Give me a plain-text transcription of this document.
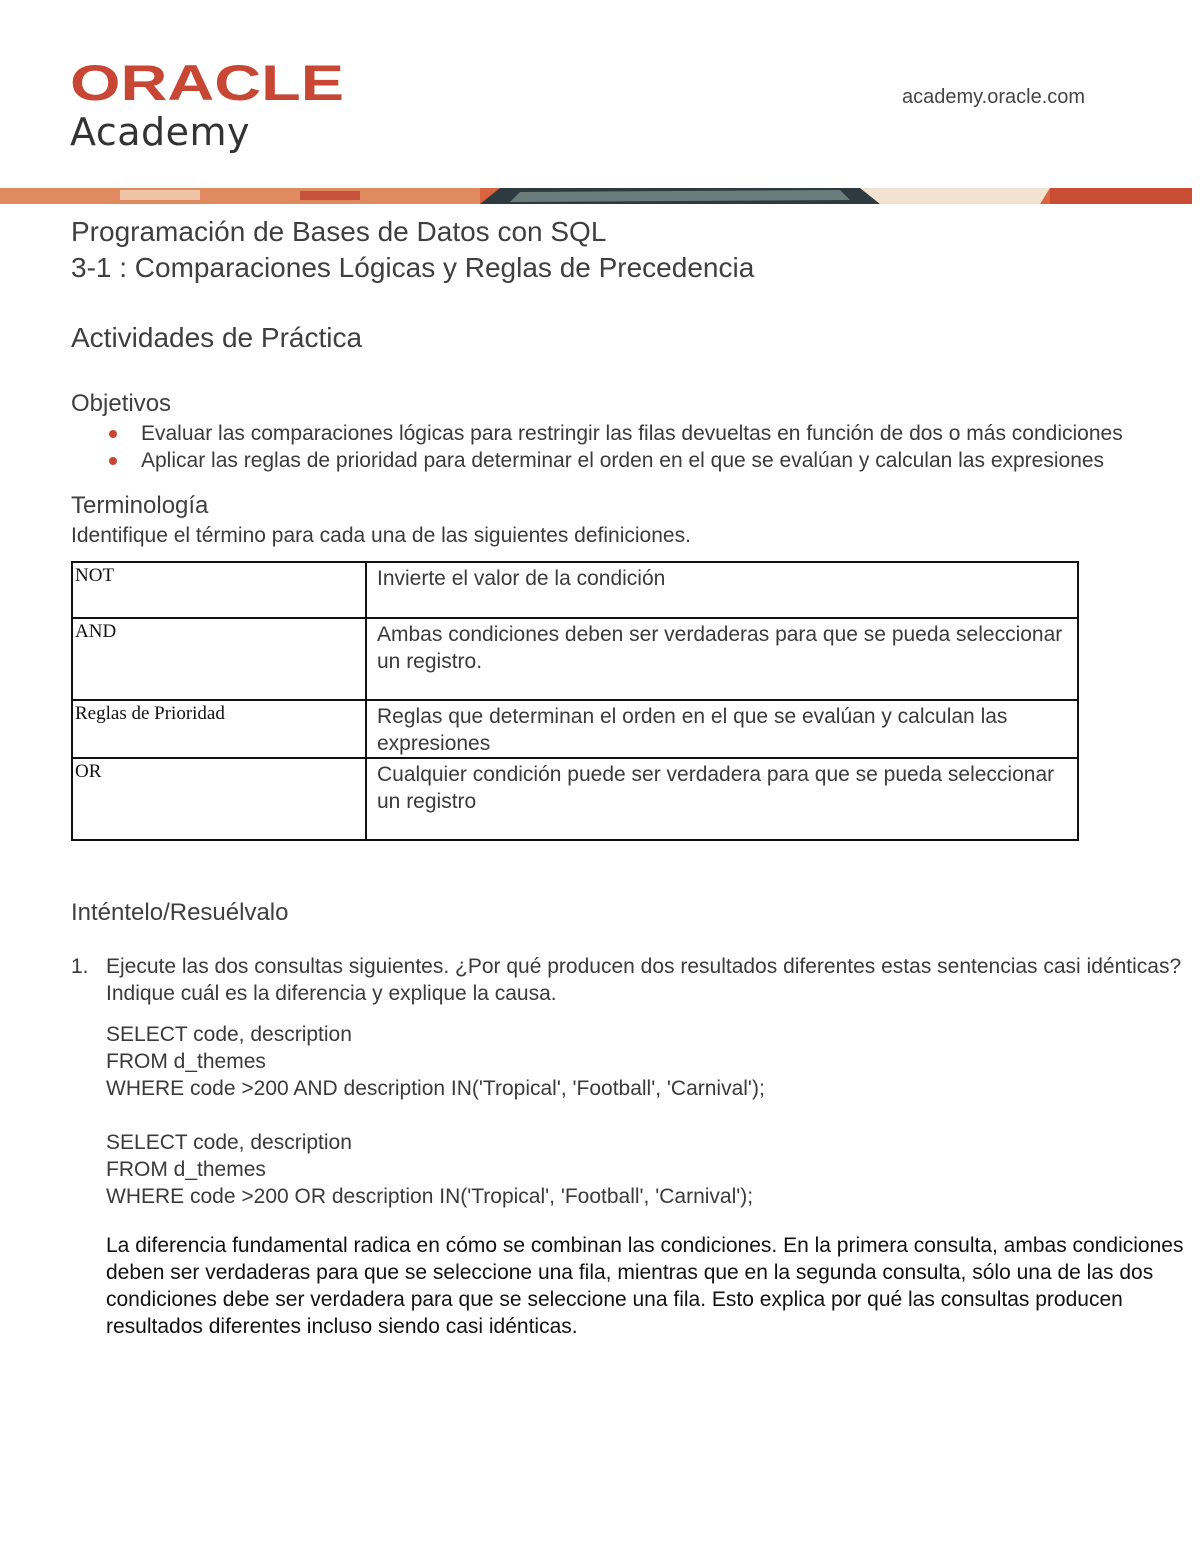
ORACLE
Academy
academy.oracle.com
Programación de Bases de Datos con SQL
3-1 : Comparaciones Lógicas y Reglas de Precedencia
Actividades de Práctica
Objetivos
Evaluar las comparaciones lógicas para restringir las filas devueltas en función de dos o más condiciones
Aplicar las reglas de prioridad para determinar el orden en el que se evalúan y calculan las expresiones
Terminología
Identifique el término para cada una de las siguientes definiciones.
NOT	Invierte el valor de la condición
AND	Ambas condiciones deben ser verdaderas para que se pueda seleccionar un registro.
Reglas de Prioridad	Reglas que determinan el orden en el que se evalúan y calculan las expresiones
OR	Cualquier condición puede ser verdadera para que se pueda seleccionar un registro
Inténtelo/Resuélvalo
1. Ejecute las dos consultas siguientes. ¿Por qué producen dos resultados diferentes estas sentencias casi idénticas? Indique cuál es la diferencia y explique la causa.
SELECT code, description
FROM d_themes
WHERE code >200 AND description IN('Tropical', 'Football', 'Carnival');
SELECT code, description
FROM d_themes
WHERE code >200 OR description IN('Tropical', 'Football', 'Carnival');
La diferencia fundamental radica en cómo se combinan las condiciones. En la primera consulta, ambas condiciones deben ser verdaderas para que se seleccione una fila, mientras que en la segunda consulta, sólo una de las dos condiciones debe ser verdadera para que se seleccione una fila. Esto explica por qué las consultas producen resultados diferentes incluso siendo casi idénticas.
